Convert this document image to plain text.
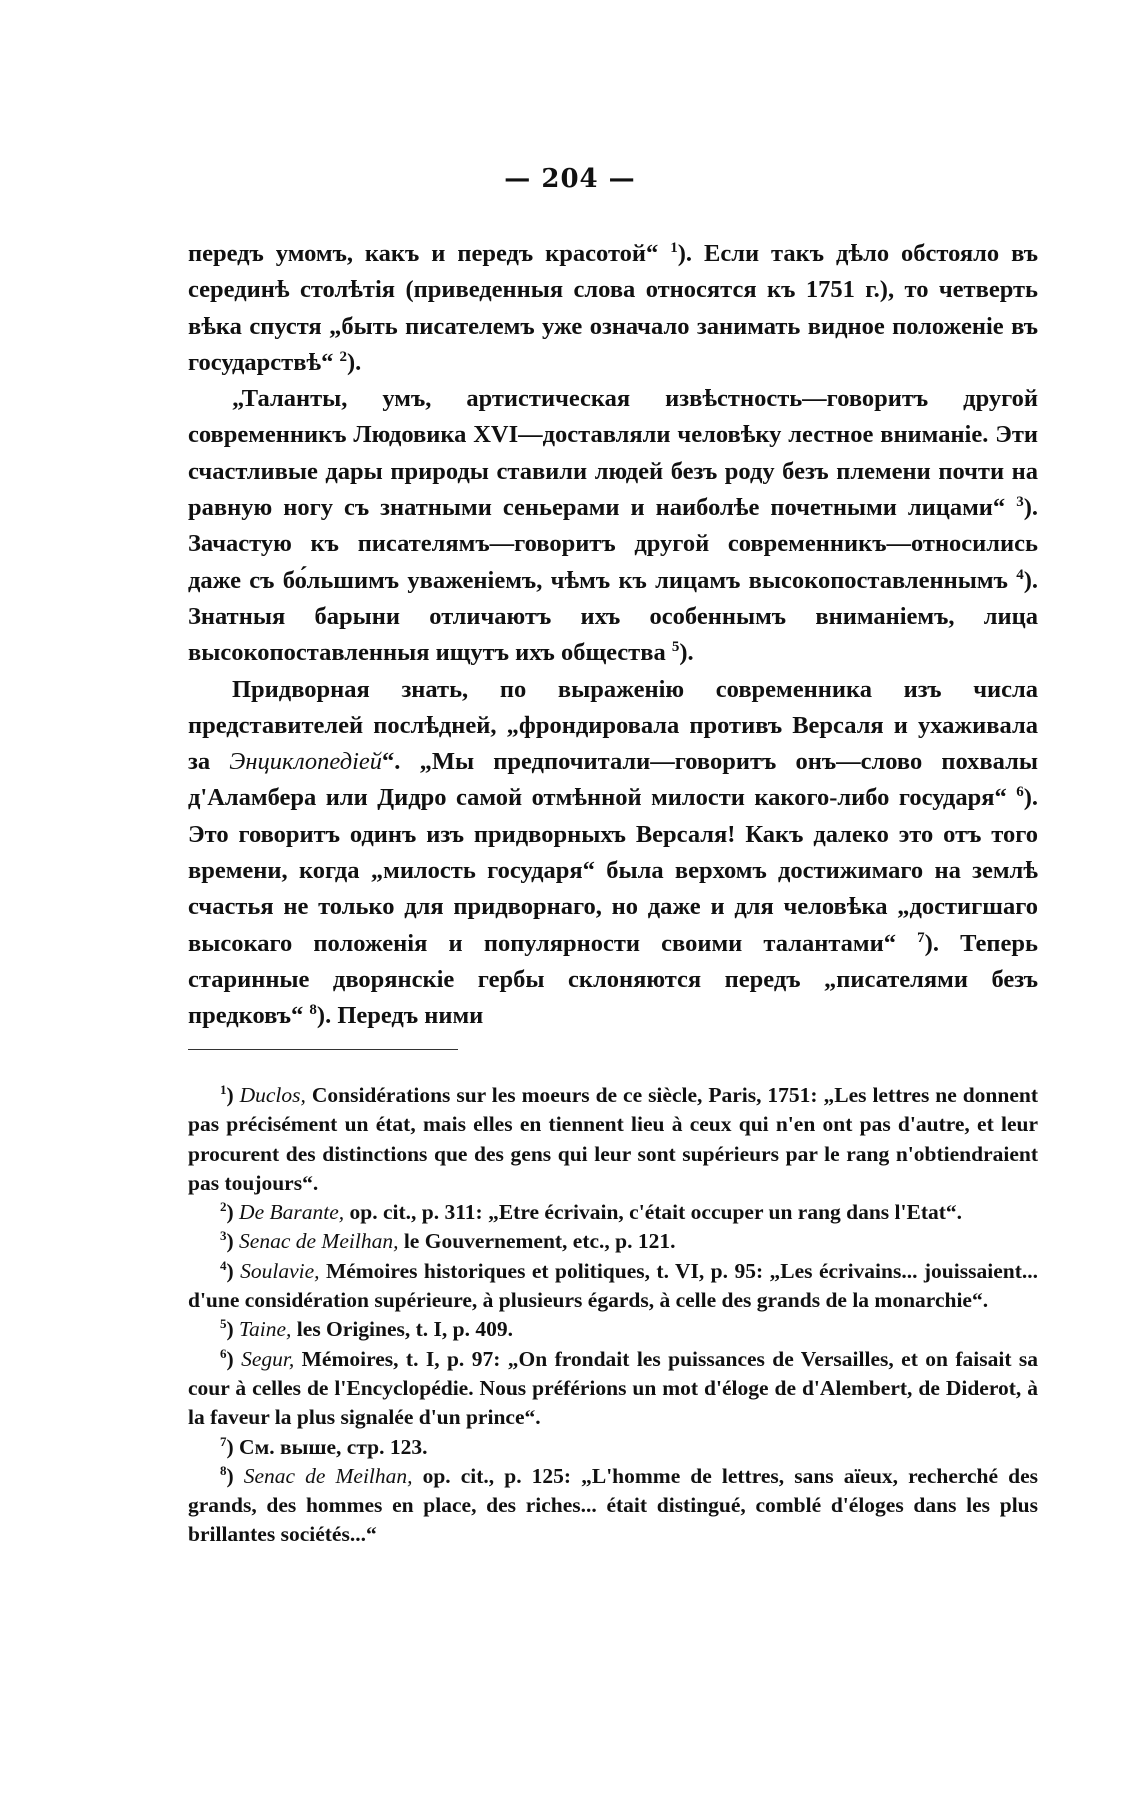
— 204 —

передъ умомъ, какъ и передъ красотой“ $^1$). Если такъ дѣло обстояло въ серединѣ столѣтія (приведенныя слова относятся къ 1751 г.), то четверть вѣка спустя „быть писателемъ уже означало занимать видное положеніе въ государствѣ“ $^2$).

„Таланты, умъ, артистическая извѣстность—говоритъ другой современникъ Людовика XVI—доставляли человѣку лестное вниманіе. Эти счастливые дары природы ставили людей безъ роду безъ племени почти на равную ногу съ знатными сеньерами и наиболѣе почетными лицами“ $^3$). Зачастую къ писателямъ—говоритъ другой современникъ—относились даже съ бо́льшимъ уваженіемъ, чѣмъ къ лицамъ высокопоставленнымъ $^4$). Знатныя барыни отличаютъ ихъ особеннымъ вниманіемъ, лица высокопоставленныя ищутъ ихъ общества $^5$).

Придворная знать, по выраженію современника изъ числа представителей послѣдней, „фрондировала противъ Версаля и ухаживала за Энциклопедіей“. „Мы предпочитали—говоритъ онъ—слово похвалы д'Аламбера или Дидро самой отмѣнной милости какого-либо государя“ $^6$). Это говоритъ одинъ изъ придворныхъ Версаля! Какъ далеко это отъ того времени, когда „милость государя“ была верхомъ достижимаго на землѣ счастья не только для придворнаго, но даже и для человѣка „достигшаго высокаго положенія и популярности своими талантами“ $^7$). Теперь старинные дворянскіе гербы склоняются передъ „писателями безъ предковъ“ $^8$). Передъ ними

$^1$) Duclos, Considérations sur les moeurs de ce siècle, Paris, 1751: „Les lettres ne donnent pas précisément un état, mais elles en tiennent lieu à ceux qui n'en ont pas d'autre, et leur procurent des distinctions que des gens qui leur sont supérieurs par le rang n'obtiendraient pas toujours“.
$^2$) De Barante, op. cit., p. 311: „Etre écrivain, c'était occuper un rang dans l'Etat“.
$^3$) Senac de Meilhan, le Gouvernement, etc., p. 121.
$^4$) Soulavie, Mémoires historiques et politiques, t. VI, p. 95: „Les écrivains... jouissaient... d'une considération supérieure, à plusieurs égards, à celle des grands de la monarchie“.
$^5$) Taine, les Origines, t. I, p. 409.
$^6$) Segur, Mémoires, t. I, p. 97: „On frondait les puissances de Versailles, et on faisait sa cour à celles de l'Encyclopédie. Nous préférions un mot d'éloge de d'Alembert, de Diderot, à la faveur la plus signalée d'un prince“.
$^7$) См. выше, стр. 123.
$^8$) Senac de Meilhan, op. cit., p. 125: „L'homme de lettres, sans aïeux, recherché des grands, des hommes en place, des riches... était distingué, comblé d'éloges dans les plus brillantes sociétés...“
